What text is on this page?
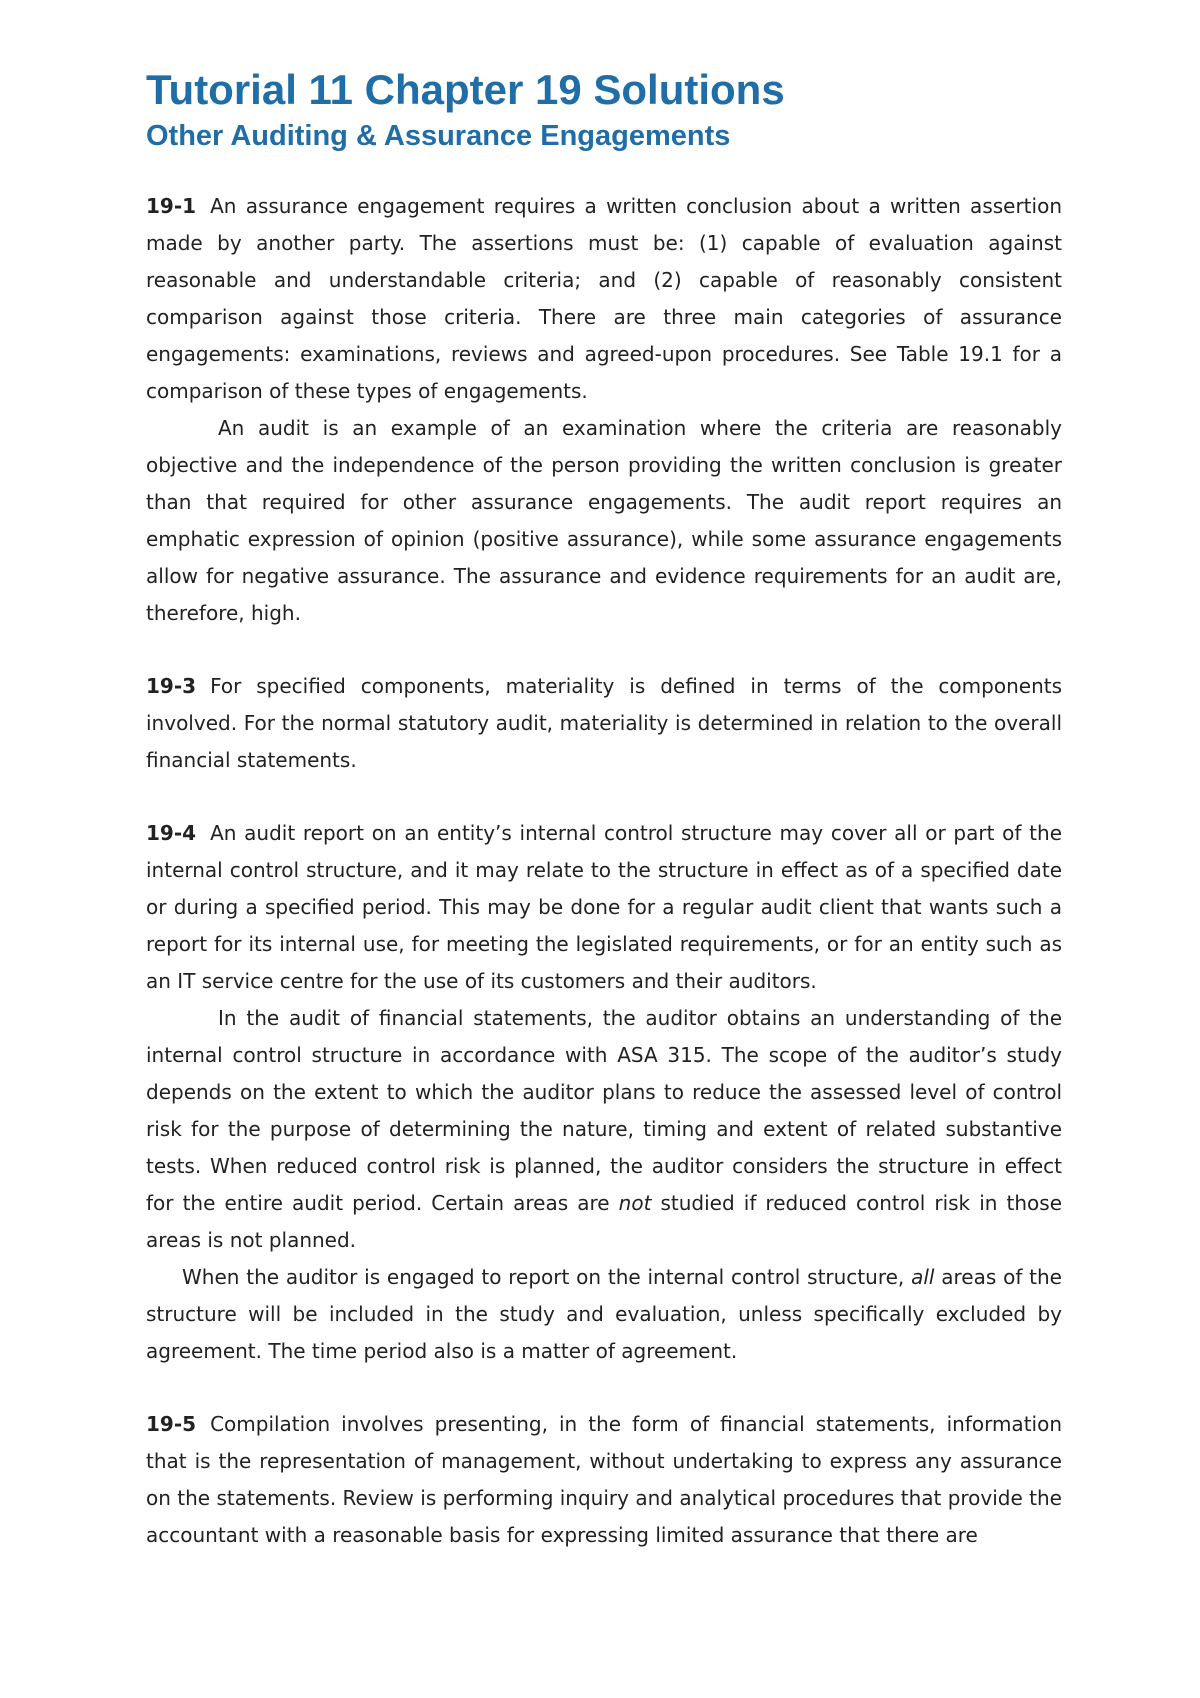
Tutorial 11 Chapter 19 Solutions
Other Auditing & Assurance Engagements

19-1 An assurance engagement requires a written conclusion about a written assertion made by another party. The assertions must be: (1) capable of evaluation against reasonable and understandable criteria; and (2) capable of reasonably consistent comparison against those criteria. There are three main categories of assurance engagements: examinations, reviews and agreed-upon procedures. See Table 19.1 for a comparison of these types of engagements.

An audit is an example of an examination where the criteria are reasonably objective and the independence of the person providing the written conclusion is greater than that required for other assurance engagements. The audit report requires an emphatic expression of opinion (positive assurance), while some assurance engagements allow for negative assurance. The assurance and evidence requirements for an audit are, therefore, high.

19-3 For specified components, materiality is defined in terms of the components involved. For the normal statutory audit, materiality is determined in relation to the overall financial statements.

19-4 An audit report on an entity’s internal control structure may cover all or part of the internal control structure, and it may relate to the structure in effect as of a specified date or during a specified period. This may be done for a regular audit client that wants such a report for its internal use, for meeting the legislated requirements, or for an entity such as an IT service centre for the use of its customers and their auditors.

In the audit of financial statements, the auditor obtains an understanding of the internal control structure in accordance with ASA 315. The scope of the auditor’s study depends on the extent to which the auditor plans to reduce the assessed level of control risk for the purpose of determining the nature, timing and extent of related substantive tests. When reduced control risk is planned, the auditor considers the structure in effect for the entire audit period. Certain areas are not studied if reduced control risk in those areas is not planned.

When the auditor is engaged to report on the internal control structure, all areas of the structure will be included in the study and evaluation, unless specifically excluded by agreement. The time period also is a matter of agreement.

19-5 Compilation involves presenting, in the form of financial statements, information that is the representation of management, without undertaking to express any assurance on the statements. Review is performing inquiry and analytical procedures that provide the accountant with a reasonable basis for expressing limited assurance that there are
